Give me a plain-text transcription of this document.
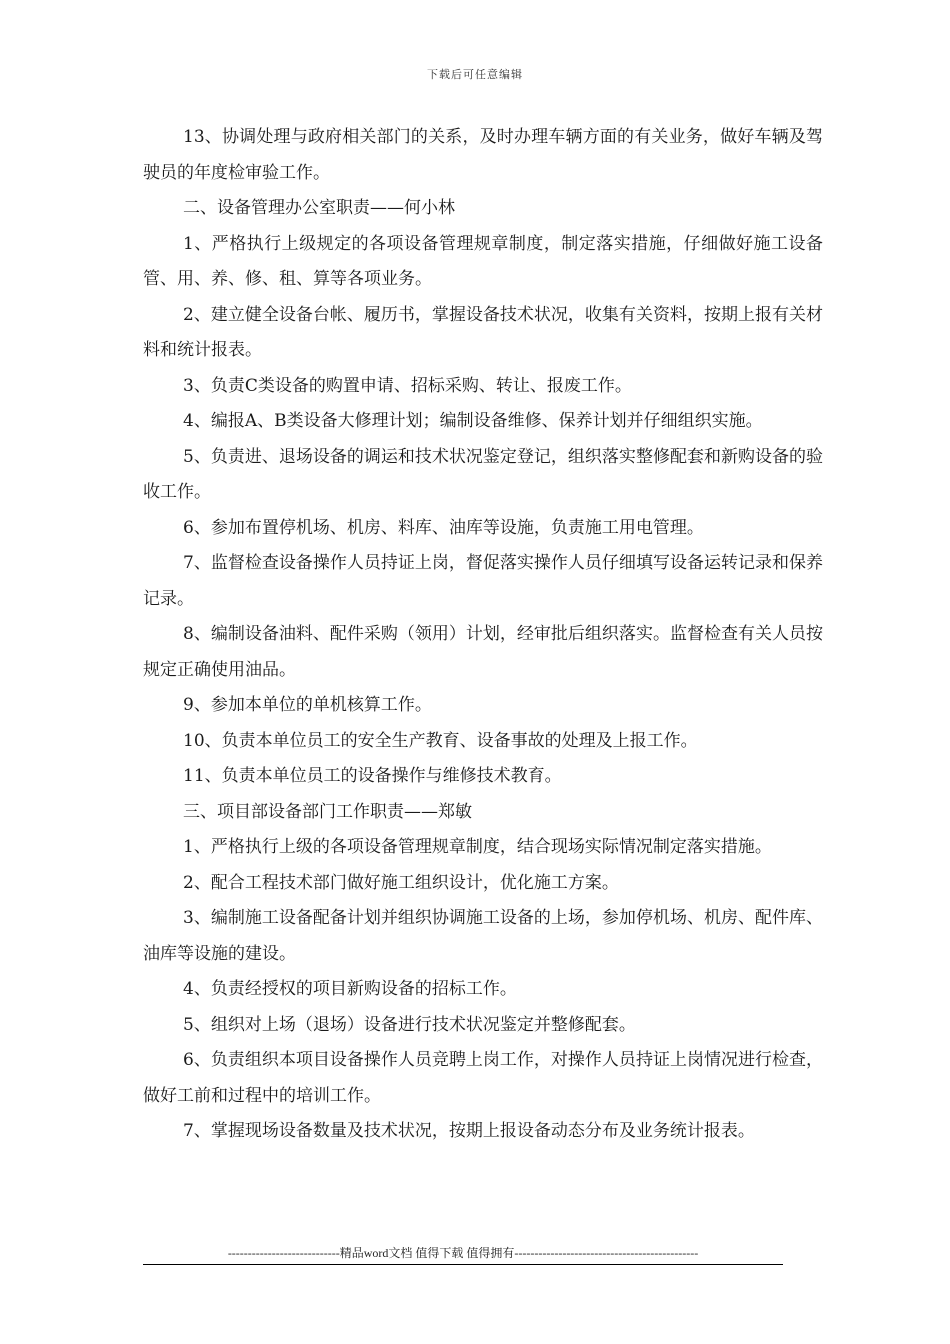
下载后可任意编辑

13、协调处理与政府相关部门的关系，及时办理车辆方面的有关业务，做好车辆及驾驶员的年度检审验工作。

二、设备管理办公室职责——何小林

1、严格执行上级规定的各项设备管理规章制度，制定落实措施，仔细做好施工设备管、用、养、修、租、算等各项业务。

2、建立健全设备台帐、履历书，掌握设备技术状况，收集有关资料，按期上报有关材料和统计报表。

3、负责C类设备的购置申请、招标采购、转让、报废工作。

4、编报A、B类设备大修理计划；编制设备维修、保养计划并仔细组织实施。

5、负责进、退场设备的调运和技术状况鉴定登记，组织落实整修配套和新购设备的验收工作。

6、参加布置停机场、机房、料库、油库等设施，负责施工用电管理。

7、监督检查设备操作人员持证上岗，督促落实操作人员仔细填写设备运转记录和保养记录。

8、编制设备油料、配件采购（领用）计划，经审批后组织落实。监督检查有关人员按规定正确使用油品。

9、参加本单位的单机核算工作。

10、负责本单位员工的安全生产教育、设备事故的处理及上报工作。

11、负责本单位员工的设备操作与维修技术教育。

三、项目部设备部门工作职责——郑敏

1、严格执行上级的各项设备管理规章制度，结合现场实际情况制定落实措施。

2、配合工程技术部门做好施工组织设计，优化施工方案。

3、编制施工设备配备计划并组织协调施工设备的上场，参加停机场、机房、配件库、油库等设施的建设。

4、负责经授权的项目新购设备的招标工作。

5、组织对上场（退场）设备进行技术状况鉴定并整修配套。

6、负责组织本项目设备操作人员竞聘上岗工作，对操作人员持证上岗情况进行检查，做好工前和过程中的培训工作。

7、掌握现场设备数量及技术状况，按期上报设备动态分布及业务统计报表。

----------------------------精品word文档 值得下载 值得拥有----------------------------------------------
